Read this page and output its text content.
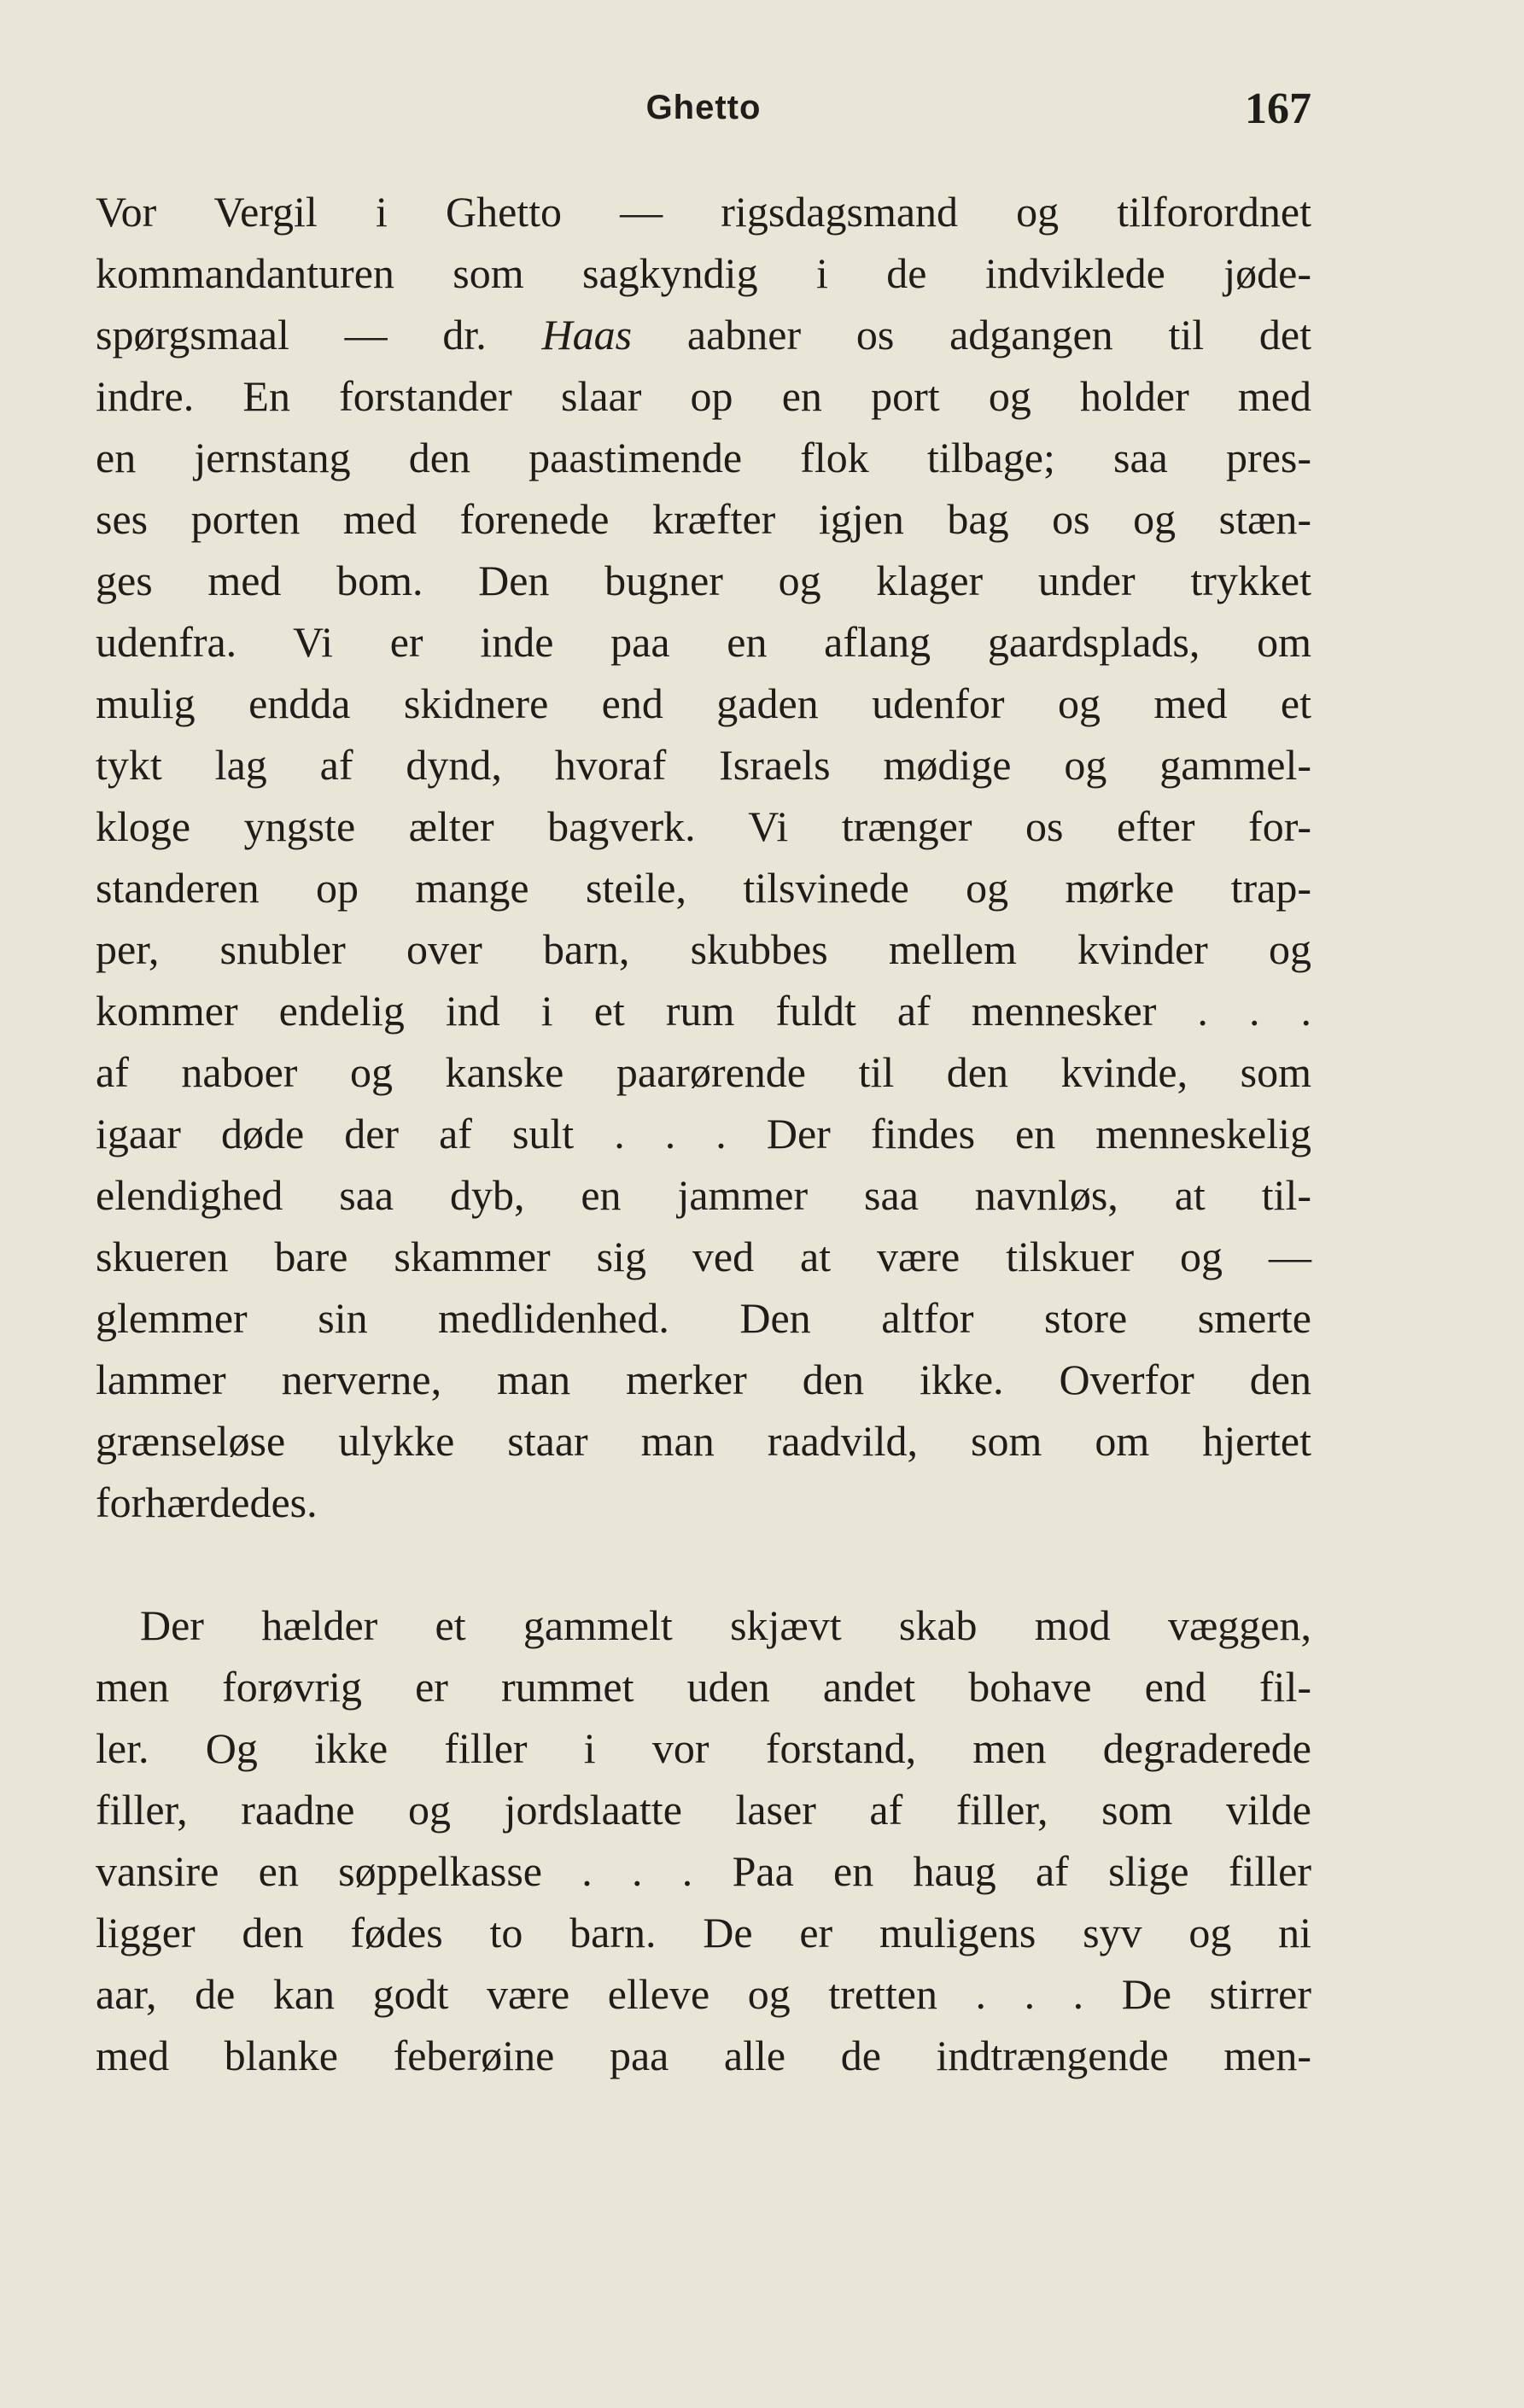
Ghetto	167
Vor Vergil i Ghetto — rigsdagsmand og tilforordnet
kommandanturen som sagkyndig i de indviklede jøde-
spørgsmaal — dr. Haas aabner os adgangen til det
indre. En forstander slaar op en port og holder med
en jernstang den paastimende flok tilbage; saa pres-
ses porten med forenede kræfter igjen bag os og stæn-
ges med bom. Den bugner og klager under trykket
udenfra. Vi er inde paa en aflang gaardsplads, om
mulig endda skidnere end gaden udenfor og med et
tykt lag af dynd, hvoraf Israels mødige og gammel-
kloge yngste ælter bagverk. Vi trænger os efter for-
standeren op mange steile, tilsvinede og mørke trap-
per, snubler over barn, skubbes mellem kvinder og
kommer endelig ind i et rum fuldt af mennesker . . .
af naboer og kanske paarørende til den kvinde, som
igaar døde der af sult . . . Der findes en menneskelig
elendighed saa dyb, en jammer saa navnløs, at til-
skueren bare skammer sig ved at være tilskuer og —
glemmer sin medlidenhed. Den altfor store smerte
lammer nerverne, man merker den ikke. Overfor den
grænseløse ulykke staar man raadvild, som om hjertet
forhærdedes.
Der hælder et gammelt skjævt skab mod væggen,
men forøvrig er rummet uden andet bohave end fil-
ler. Og ikke filler i vor forstand, men degraderede
filler, raadne og jordslaatte laser af filler, som vilde
vansire en søppelkasse . . . Paa en haug af slige filler
ligger den fødes to barn. De er muligens syv og ni
aar, de kan godt være elleve og tretten . . . De stirrer
med blanke feberøine paa alle de indtrængende men-
